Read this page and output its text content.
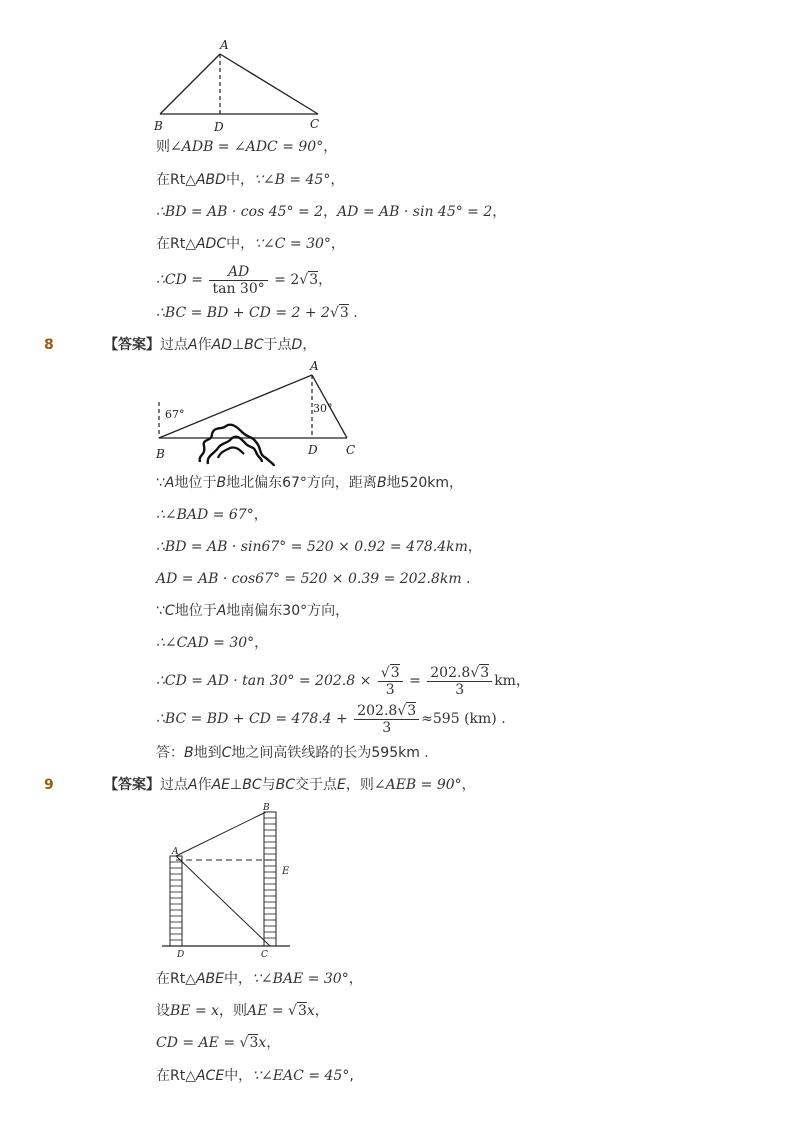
A
B	D	C
则∠ADB = ∠ADC = 90°，
在Rt△ABD中，∵∠B = 45°，
∴BD = AB · cos 45° = 2，AD = AB · sin 45° = 2，
在Rt△ADC中，∵∠C = 30°，
∴CD = $\frac{AD}{\tan 30^\circ} = 2√3$，
∴BC = BD + CD = 2 + 2√3 .
8	【答案】过点A作AD⊥BC于点D，
A
B	D C
67°	30°
∵A地位于B地北偏东67°方向，距离B地520km，
∴∠BAD = 67°，
∴BD = AB · sin67° = 520 × 0.92 = 478.4km，
AD = AB · cos67° = 520 × 0.39 = 202.8km .
∵C地位于A地南偏东30°方向，
∴∠CAD = 30°，
∴CD = AD · $\tan 30^\circ = 202.8 \times \frac{√3}{3} = \frac{202.8√3}{3}$ km，
∴BC = BD + CD = $478.4 + \frac{202.8√3}{3} \approx 595$ (km) .
答：B地到C地之间高铁线路的长为595km .
9	【答案】过点A作AE⊥BC与BC交于点E，则∠AEB = 90°，
A
B
E
D	C
在Rt△ABE中，∵∠BAE = 30°，
设BE = x，则AE = √3x，
CD = AE = √3x，
在Rt△ACE中，∵∠EAC = 45°,
